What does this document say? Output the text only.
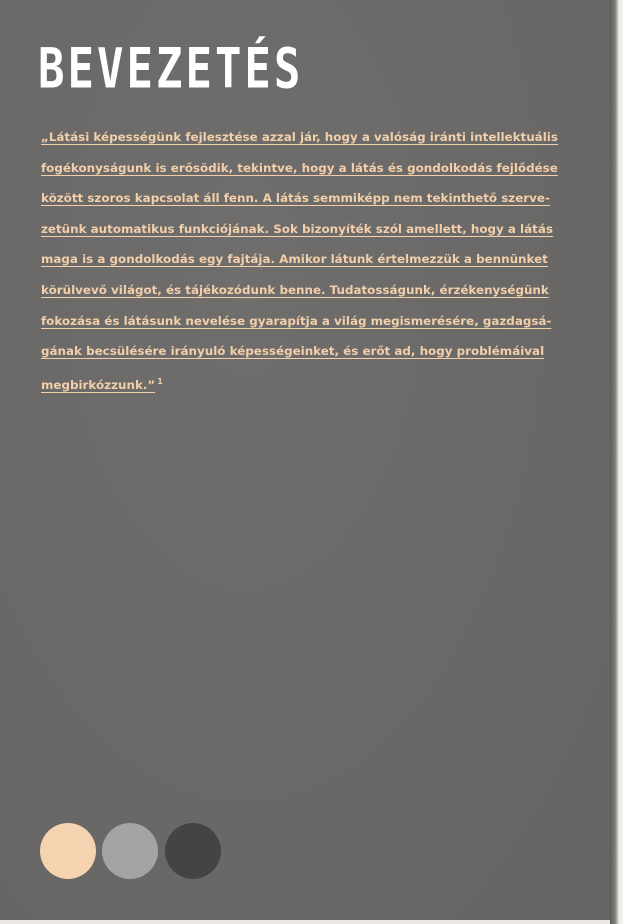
BEVEZETÉS

„Látási képességünk fejlesztése azzal jár, hogy a valóság iránti intellektuális
fogékonyságunk is erősödik, tekintve, hogy a látás és gondolkodás fejlődése
között szoros kapcsolat áll fenn. A látás semmiképp nem tekinthető szerve-
zetünk automatikus funkciójának. Sok bizonyíték szól amellett, hogy a látás
maga is a gondolkodás egy fajtája. Amikor látunk értelmezzük a bennünket
körülvevő világot, és tájékozódunk benne. Tudatosságunk, érzékenységünk
fokozása és látásunk nevelése gyarapítja a világ megismerésére, gazdagsá-
gának becsülésére irányuló képességeinket, és erőt ad, hogy problémáival
megbirkózzunk.” $^1$
